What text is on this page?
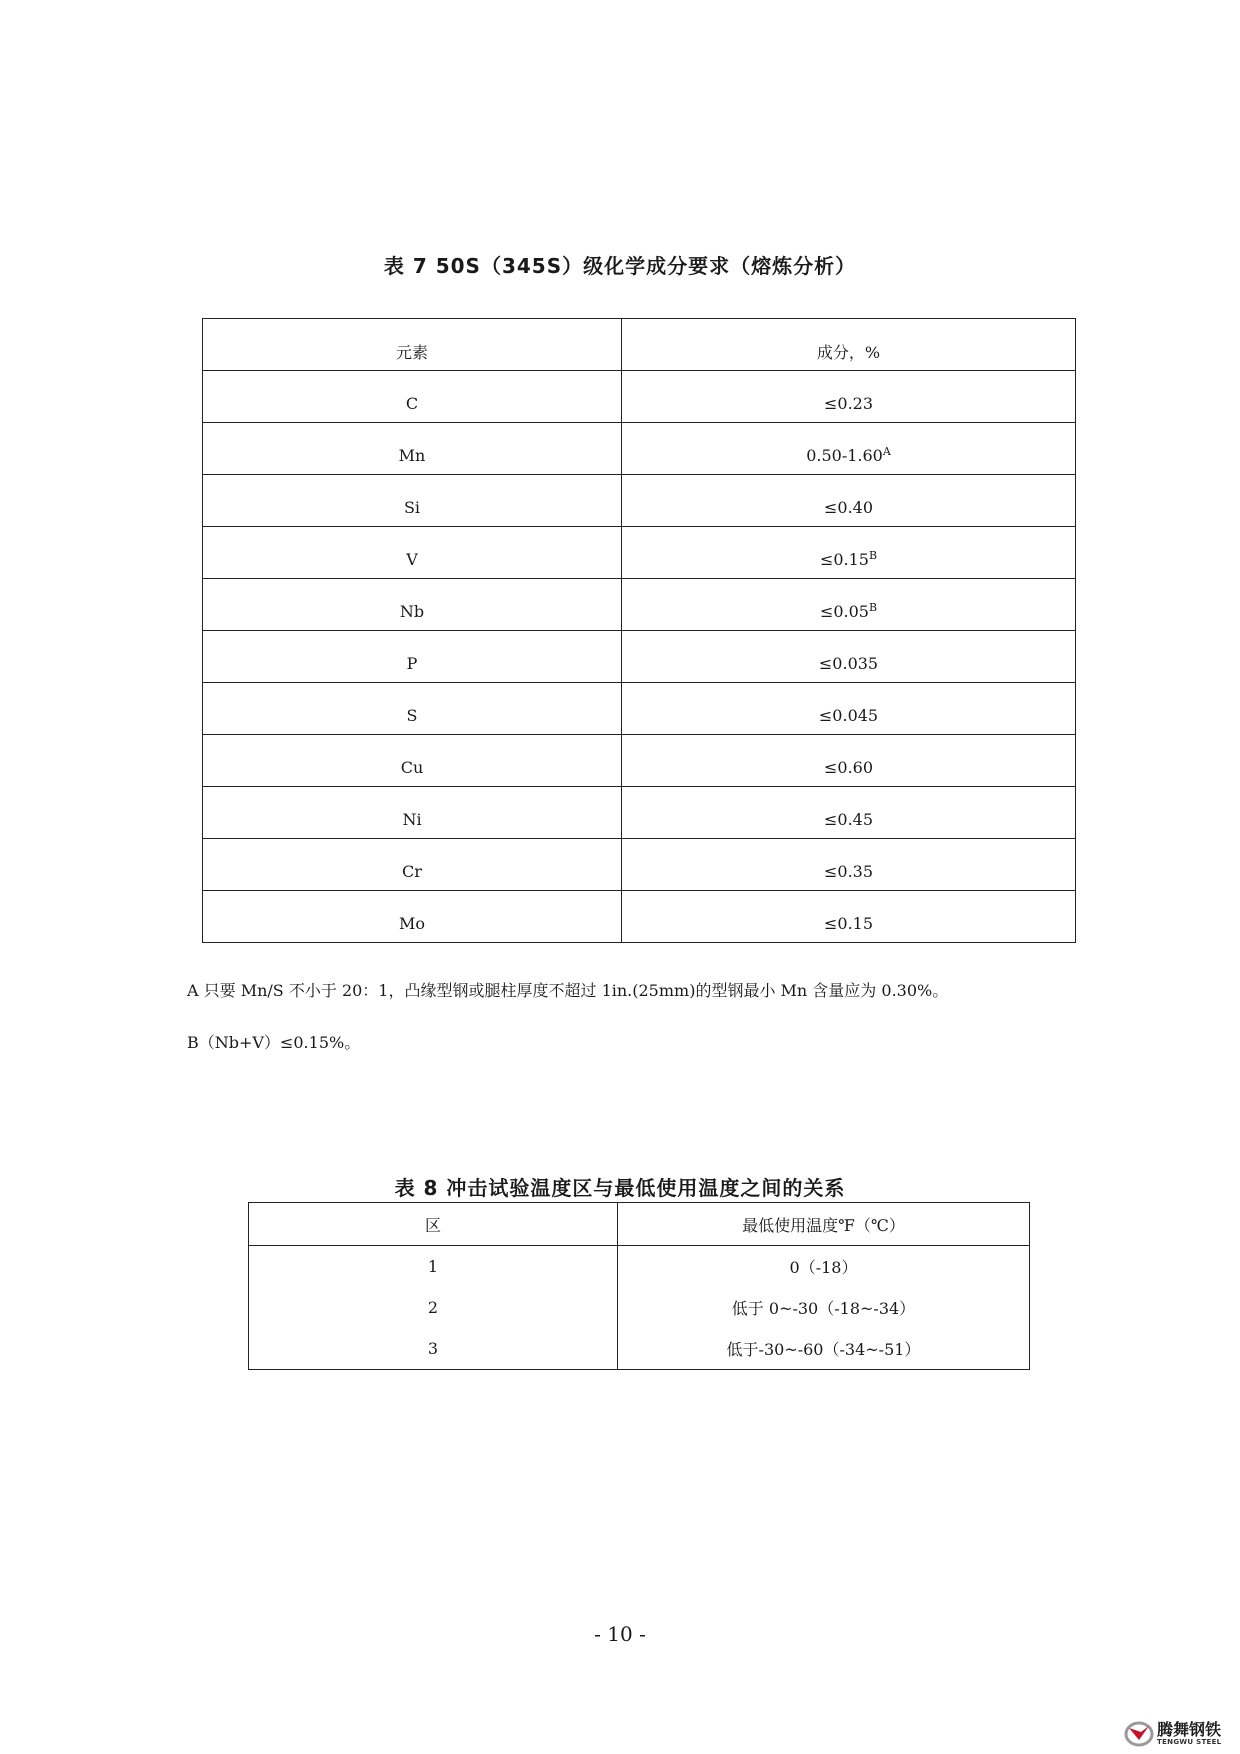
表 7 50S（345S）级化学成分要求（熔炼分析）
元素	成分，%
C	≤0.23
Mn	$0.50-1.60^A$
Si	≤0.40
V	$\le 0.15^B$
Nb	$\le 0.05^B$
P	≤0.035
S	≤0.045
Cu	≤0.60
Ni	≤0.45
Cr	≤0.35
Mo	≤0.15
A 只要 Mn/S 不小于 20：1，凸缘型钢或腿柱厚度不超过 1in.(25mm)的型钢最小 Mn 含量应为 0.30%。
B（Nb+V）≤0.15%。
表 8 冲击试验温度区与最低使用温度之间的关系
区	最低使用温度℉（℃）
1	0（-18）
2	低于 0~-30（-18~-34）
3	低于-30~-60（-34~-51）
- 10 -
腾舞钢铁
TENGWU STEEL
